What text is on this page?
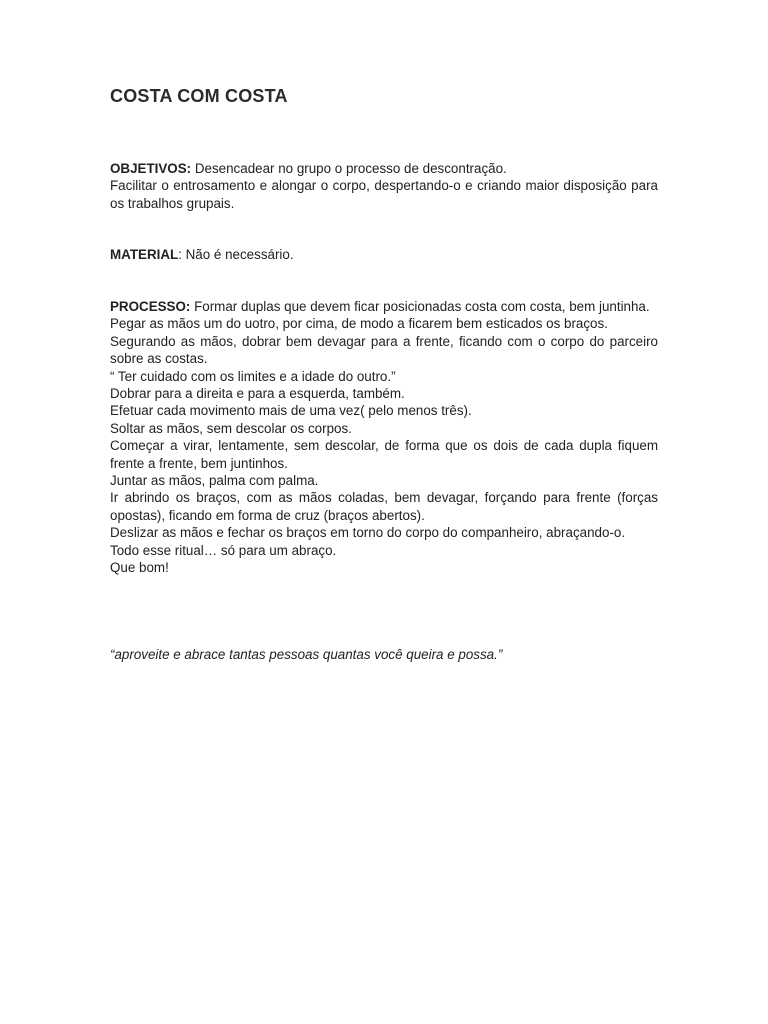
COSTA COM COSTA
OBJETIVOS: Desencadear no grupo o processo de descontração.
Facilitar o entrosamento e alongar o corpo, despertando-o e criando maior disposição para os trabalhos grupais.
MATERIAL: Não é necessário.
PROCESSO: Formar duplas que devem ficar posicionadas costa com costa, bem juntinha.
Pegar as mãos um do uotro, por cima, de modo a ficarem bem esticados os braços.
Segurando as mãos, dobrar bem devagar para a frente, ficando com o corpo do parceiro sobre as costas.
“ Ter cuidado com os limites e a idade do outro.”
Dobrar para a direita e para a esquerda, também.
Efetuar cada movimento mais de uma vez( pelo menos três).
Soltar as mãos, sem descolar os corpos.
Começar a virar, lentamente, sem descolar, de forma que os dois de cada dupla fiquem frente a frente, bem juntinhos.
Juntar as mãos, palma com palma.
Ir abrindo os braços, com as mãos coladas, bem devagar, forçando para frente (forças opostas), ficando em forma de cruz (braços abertos).
Deslizar as mãos e fechar os braços em torno do corpo do companheiro, abraçando-o.
Todo esse ritual… só para um abraço.
Que bom!

“aproveite e abrace tantas pessoas quantas você queira e possa.”
